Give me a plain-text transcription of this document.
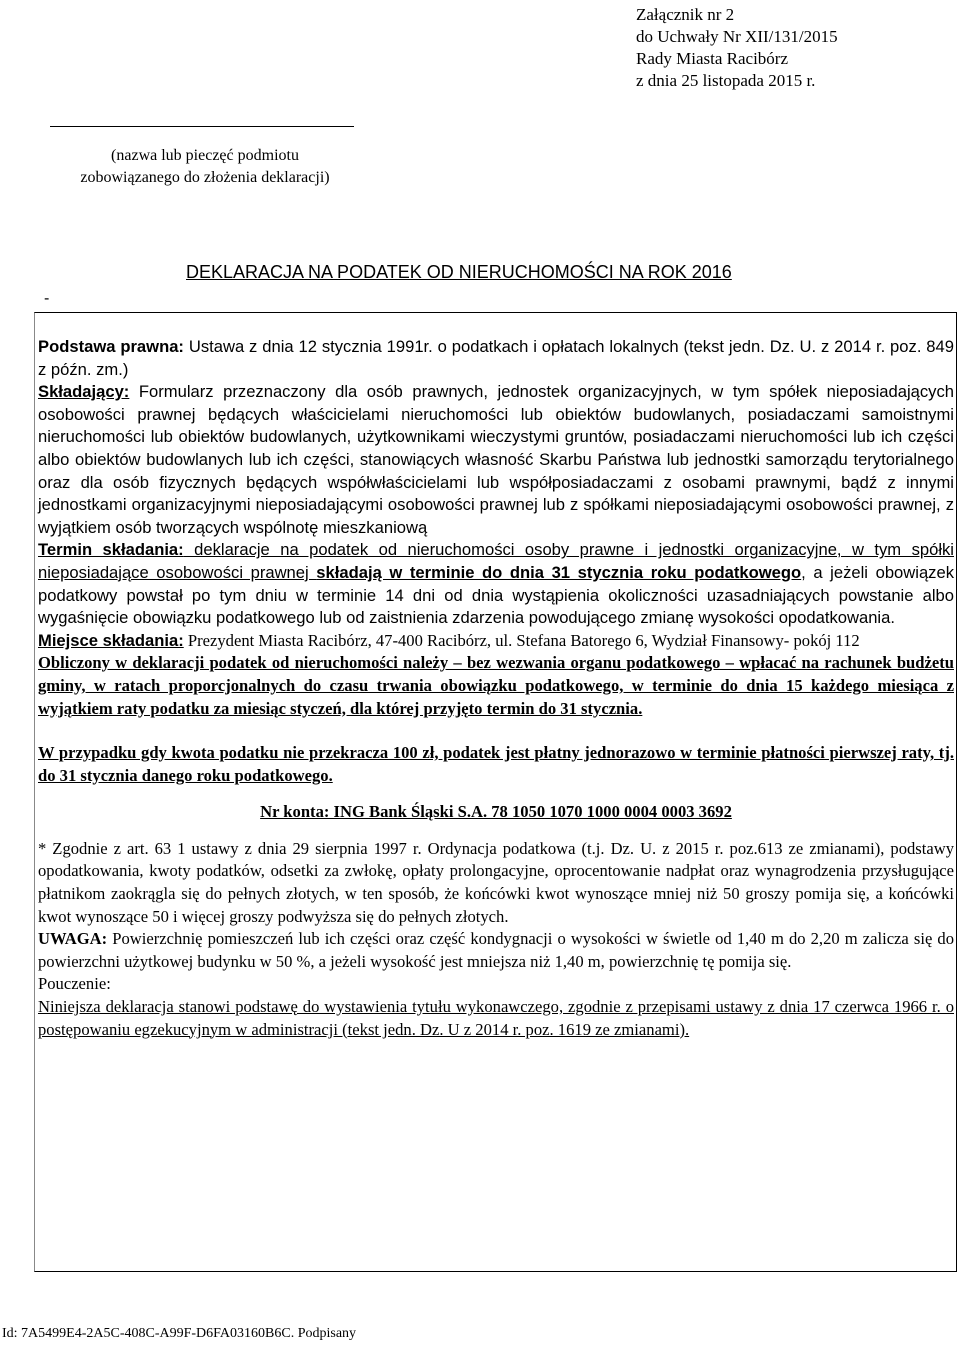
Załącznik nr 2
do Uchwały Nr XII/131/2015
Rady Miasta Racibórz
z dnia 25 listopada 2015 r.
(nazwa lub pieczęć podmiotu
zobowiązanego do złożenia deklaracji)
DEKLARACJA NA PODATEK OD NIERUCHOMOŚCI NA ROK 2016
-

Podstawa prawna: Ustawa z dnia 12 stycznia 1991r. o podatkach i opłatach lokalnych (tekst jedn. Dz. U. z 2014 r. poz. 849 z późn. zm.)

Składający: Formularz przeznaczony dla osób prawnych, jednostek organizacyjnych, w tym spółek nieposiadających osobowości prawnej będących właścicielami nieruchomości lub obiektów budowlanych, posiadaczami samoistnymi nieruchomości lub obiektów budowlanych, użytkownikami wieczystymi gruntów, posiadaczami nieruchomości lub ich części albo obiektów budowlanych lub ich części, stanowiących własność Skarbu Państwa lub jednostki samorządu terytorialnego oraz dla osób fizycznych będących współwłaścicielami lub współposiadaczami z osobami prawnymi, bądź z innymi jednostkami organizacyjnymi nieposiadającymi osobowości prawnej lub z spółkami nieposiadającymi osobowości prawnej, z wyjątkiem osób tworzących wspólnotę mieszkaniową

Termin składania: deklaracje na podatek od nieruchomości osoby prawne i jednostki organizacyjne, w tym spółki nieposiadające osobowości prawnej składają w terminie do dnia 31 stycznia roku podatkowego, a jeżeli obowiązek podatkowy powstał po tym dniu w terminie 14 dni od dnia wystąpienia okoliczności uzasadniających powstanie albo wygaśnięcie obowiązku podatkowego lub od zaistnienia zdarzenia powodującego zmianę wysokości opodatkowania.

Miejsce składania: Prezydent Miasta Racibórz, 47-400 Racibórz, ul. Stefana Batorego 6, Wydział Finansowy- pokój 112

Obliczony w deklaracji podatek od nieruchomości należy – bez wezwania organu podatkowego – wpłacać na rachunek budżetu gminy, w ratach proporcjonalnych do czasu trwania obowiązku podatkowego, w terminie do dnia 15 każdego miesiąca z wyjątkiem raty podatku za miesiąc styczeń, dla której przyjęto termin do 31 stycznia.

W przypadku gdy kwota podatku nie przekracza 100 zł, podatek jest płatny jednorazowo w terminie płatności pierwszej raty, tj. do 31 stycznia danego roku podatkowego.

Nr konta: ING Bank Śląski S.A. 78 1050 1070 1000 0004 0003 3692

* Zgodnie z art. 63 1 ustawy z dnia 29 sierpnia 1997 r. Ordynacja podatkowa (t.j. Dz. U. z 2015 r. poz.613 ze zmianami), podstawy opodatkowania, kwoty podatków, odsetki za zwłokę, opłaty prolongacyjne, oprocentowanie nadpłat oraz wynagrodzenia przysługujące płatnikom zaokrągla się do pełnych złotych, w ten sposób, że końcówki kwot wynoszące mniej niż 50 groszy pomija się, a końcówki kwot wynoszące 50 i więcej groszy podwyższa się do pełnych złotych.

UWAGA: Powierzchnię pomieszczeń lub ich części oraz część kondygnacji o wysokości w świetle od 1,40 m do 2,20 m zalicza się do powierzchni użytkowej budynku w 50 %, a jeżeli wysokość jest mniejsza niż 1,40 m, powierzchnię tę pomija się.

Pouczenie:

Niniejsza deklaracja stanowi podstawę do wystawienia tytułu wykonawczego, zgodnie z przepisami ustawy z dnia 17 czerwca 1966 r. o postępowaniu egzekucyjnym w administracji (tekst jedn. Dz. U z 2014 r. poz. 1619 ze zmianami).

Id: 7A5499E4-2A5C-408C-A99F-D6FA03160B6C. Podpisany
